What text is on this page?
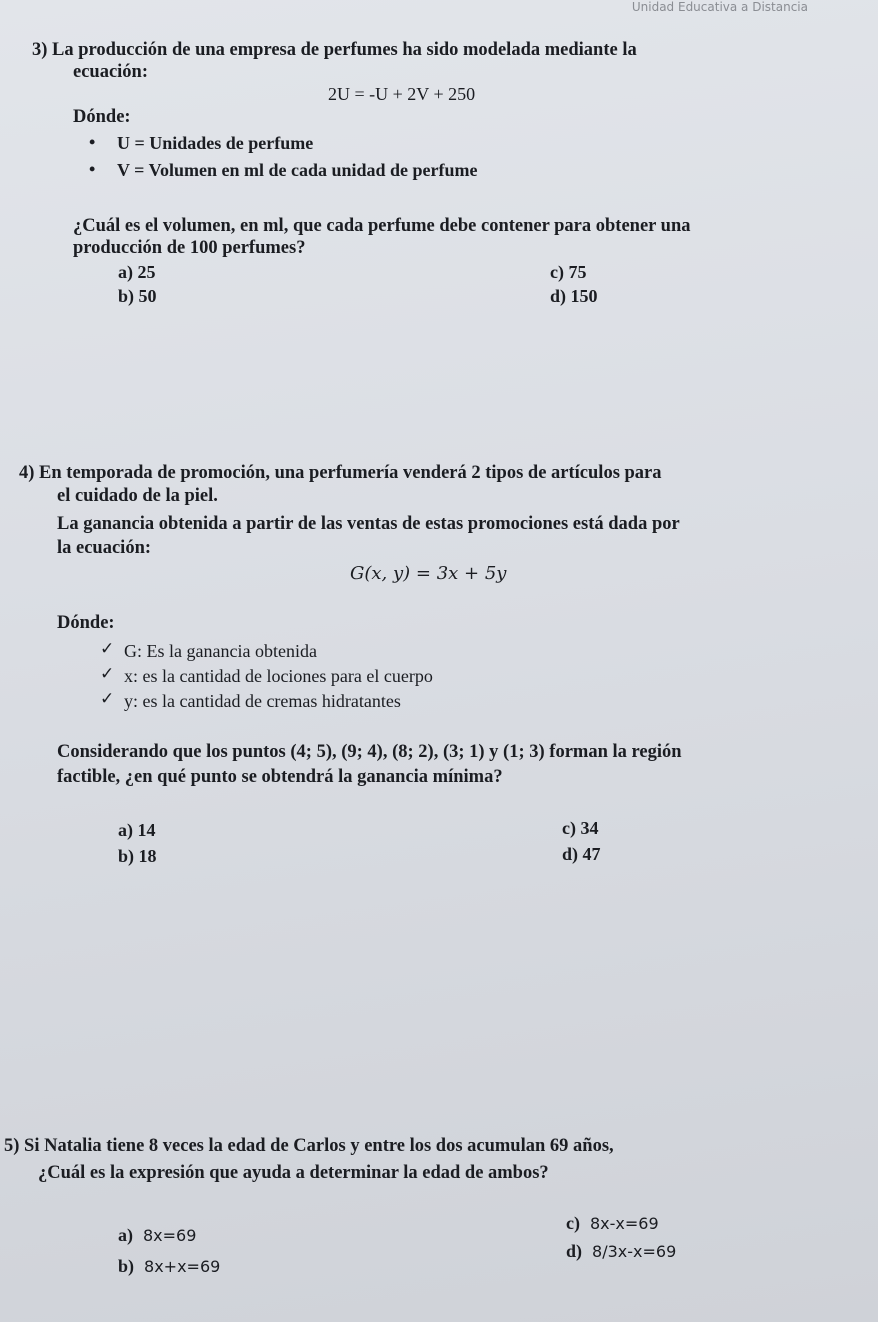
Unidad Educativa a Distancia
3) La producción de una empresa de perfumes ha sido modelada mediante la
ecuación:
2U = -U + 2V + 250
Dónde:
• U = Unidades de perfume
• V = Volumen en ml de cada unidad de perfume
¿Cuál es el volumen, en ml, que cada perfume debe contener para obtener una
producción de 100 perfumes?
a) 25
b) 50
c) 75
d) 150
4) En temporada de promoción, una perfumería venderá 2 tipos de artículos para
el cuidado de la piel.
La ganancia obtenida a partir de las ventas de estas promociones está dada por
la ecuación:
G(x, y) = 3x + 5y
Dónde:
✓ G: Es la ganancia obtenida
✓ x: es la cantidad de lociones para el cuerpo
✓ y: es la cantidad de cremas hidratantes
Considerando que los puntos (4; 5), (9; 4), (8; 2), (3; 1) y (1; 3) forman la región
factible, ¿en qué punto se obtendrá la ganancia mínima?
a) 14
b) 18
c) 34
d) 47
5) Si Natalia tiene 8 veces la edad de Carlos y entre los dos acumulan 69 años,
¿Cuál es la expresión que ayuda a determinar la edad de ambos?
a) 8x=69
b) 8x+x=69
c) 8x-x=69
d) 8/3x-x=69
